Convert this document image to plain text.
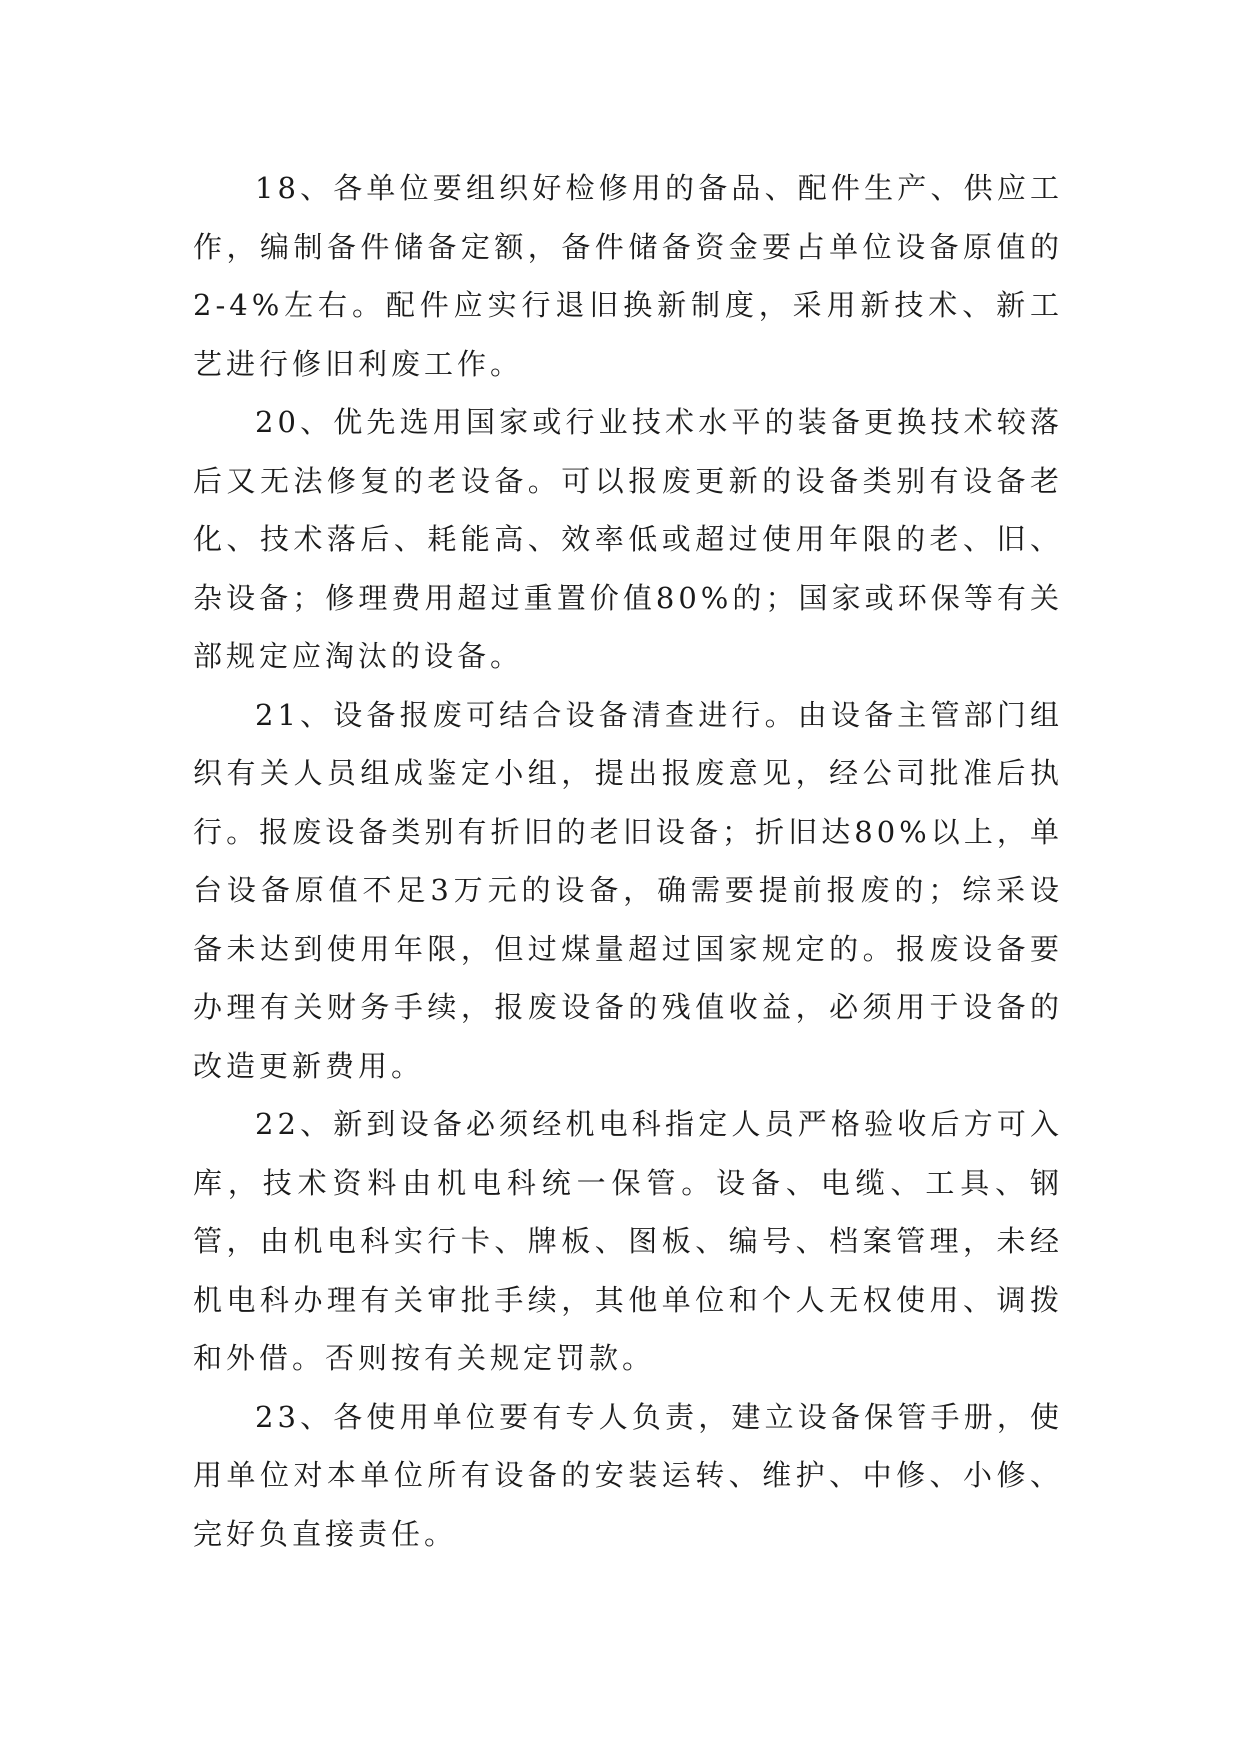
18、各单位要组织好检修用的备品、配件生产、供应工作，编制备件储备定额，备件储备资金要占单位设备原值的2-4%左右。配件应实行退旧换新制度，采用新技术、新工艺进行修旧利废工作。

20、优先选用国家或行业技术水平的装备更换技术较落后又无法修复的老设备。可以报废更新的设备类别有设备老化、技术落后、耗能高、效率低或超过使用年限的老、旧、杂设备；修理费用超过重置价值80%的；国家或环保等有关部规定应淘汰的设备。

21、设备报废可结合设备清查进行。由设备主管部门组织有关人员组成鉴定小组，提出报废意见，经公司批准后执行。报废设备类别有折旧的老旧设备；折旧达80%以上，单台设备原值不足3万元的设备，确需要提前报废的；综采设备未达到使用年限，但过煤量超过国家规定的。报废设备要办理有关财务手续，报废设备的残值收益，必须用于设备的改造更新费用。

22、新到设备必须经机电科指定人员严格验收后方可入库，技术资料由机电科统一保管。设备、电缆、工具、钢管，由机电科实行卡、牌板、图板、编号、档案管理，未经机电科办理有关审批手续，其他单位和个人无权使用、调拨和外借。否则按有关规定罚款。

23、各使用单位要有专人负责，建立设备保管手册，使用单位对本单位所有设备的安装运转、维护、中修、小修、完好负直接责任。
